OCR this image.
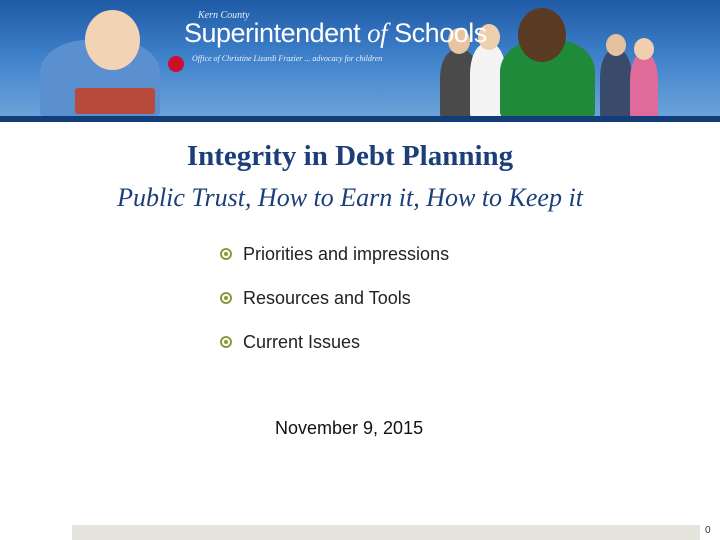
Kern County
Superintendent of Schools
Office of Christine Lizardi Frazier ... advocacy for children
Integrity in Debt Planning
Public Trust, How to Earn it, How to Keep it
Priorities and impressions
Resources and Tools
Current Issues
November 9, 2015
0
